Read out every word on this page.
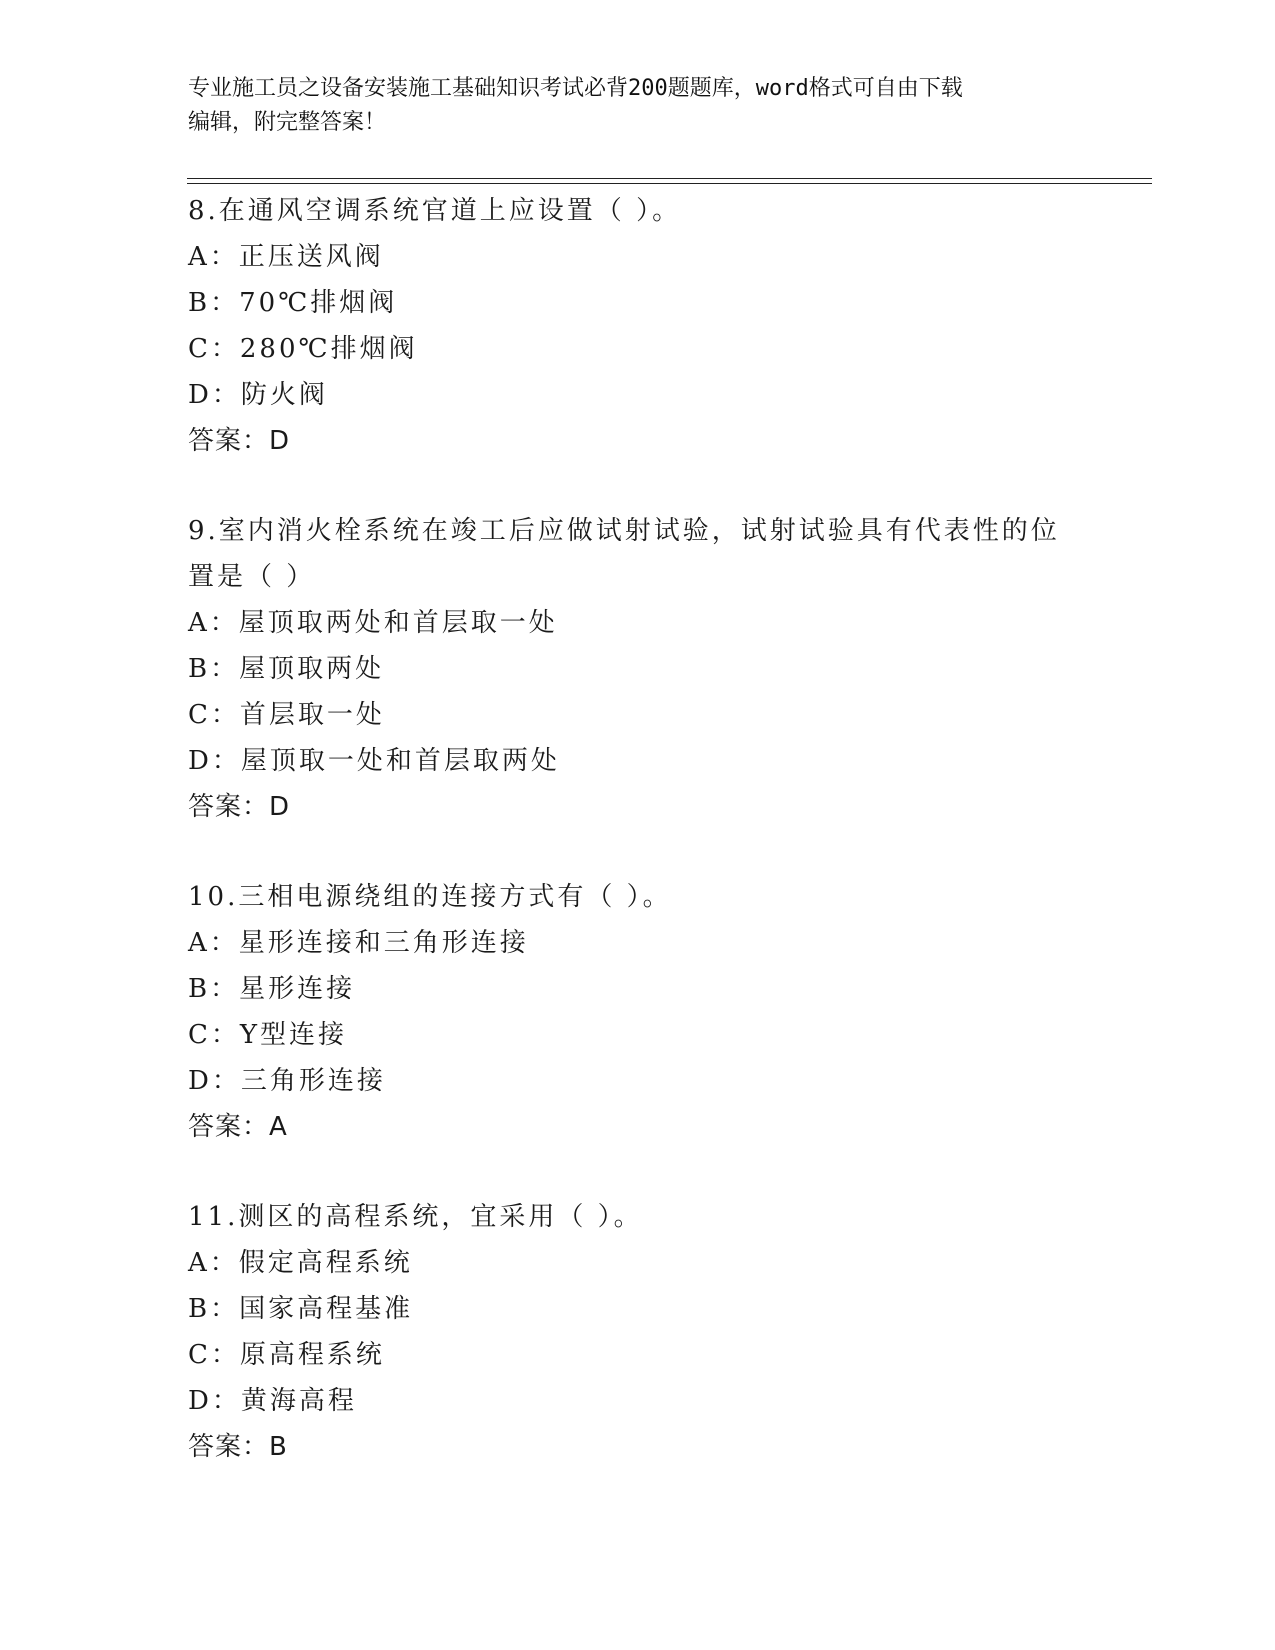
专业施工员之设备安装施工基础知识考试必背200题题库，word格式可自由下载
编辑，附完整答案！
8.在通风空调系统官道上应设置（ ）。
A：正压送风阀
B：70℃排烟阀
C：280℃排烟阀
D：防火阀
答案：D
9.室内消火栓系统在竣工后应做试射试验，试射试验具有代表性的位置是（ ）
A：屋顶取两处和首层取一处
B：屋顶取两处
C：首层取一处
D：屋顶取一处和首层取两处
答案：D
10.三相电源绕组的连接方式有（ ）。
A：星形连接和三角形连接
B：星形连接
C：Y型连接
D：三角形连接
答案：A
11.测区的高程系统，宜采用（ ）。
A：假定高程系统
B：国家高程基准
C：原高程系统
D：黄海高程
答案：B
